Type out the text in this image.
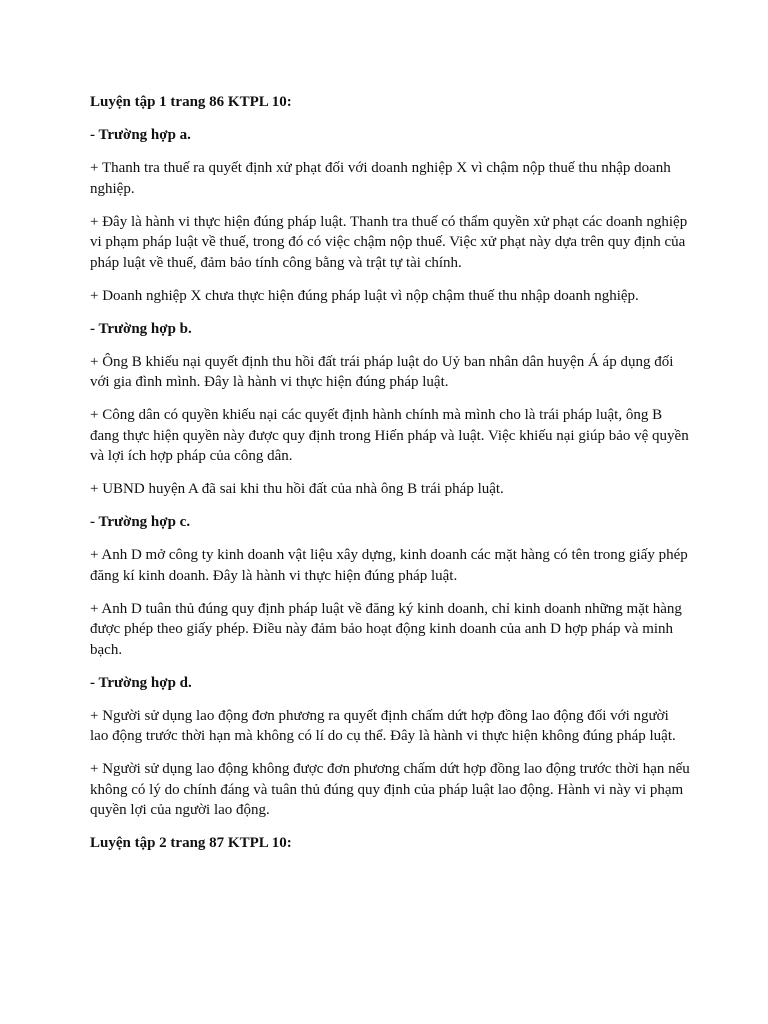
Luyện tập 1 trang 86 KTPL 10:

- Trường hợp a.

+ Thanh tra thuế ra quyết định xử phạt đối với doanh nghiệp X vì chậm nộp thuế thu nhập doanh nghiệp.

+ Đây là hành vi thực hiện đúng pháp luật. Thanh tra thuế có thẩm quyền xử phạt các doanh nghiệp vi phạm pháp luật về thuế, trong đó có việc chậm nộp thuế. Việc xử phạt này dựa trên quy định của pháp luật về thuế, đảm bảo tính công bằng và trật tự tài chính.

+ Doanh nghiệp X chưa thực hiện đúng pháp luật vì nộp chậm thuế thu nhập doanh nghiệp.

- Trường hợp b.

+ Ông B khiếu nại quyết định thu hồi đất trái pháp luật do Uỷ ban nhân dân huyện Á áp dụng đối với gia đình mình. Đây là hành vi thực hiện đúng pháp luật.

+ Công dân có quyền khiếu nại các quyết định hành chính mà mình cho là trái pháp luật, ông B đang thực hiện quyền này được quy định trong Hiến pháp và luật. Việc khiếu nại giúp bảo vệ quyền và lợi ích hợp pháp của công dân.

+ UBND huyện A đã sai khi thu hồi đất của nhà ông B trái pháp luật.

- Trường hợp c.

+ Anh D mở công ty kinh doanh vật liệu xây dựng, kinh doanh các mặt hàng có tên trong giấy phép đăng kí kinh doanh. Đây là hành vi thực hiện đúng pháp luật.

+ Anh D tuân thủ đúng quy định pháp luật về đăng ký kinh doanh, chỉ kinh doanh những mặt hàng được phép theo giấy phép. Điều này đảm bảo hoạt động kinh doanh của anh D hợp pháp và minh bạch.

- Trường hợp d.

+ Người sử dụng lao động đơn phương ra quyết định chấm dứt hợp đồng lao động đối với người lao động trước thời hạn mà không có lí do cụ thể. Đây là hành vi thực hiện không đúng pháp luật.

+ Người sử dụng lao động không được đơn phương chấm dứt hợp đồng lao động trước thời hạn nếu không có lý do chính đáng và tuân thủ đúng quy định của pháp luật lao động. Hành vi này vi phạm quyền lợi của người lao động.

Luyện tập 2 trang 87 KTPL 10:
